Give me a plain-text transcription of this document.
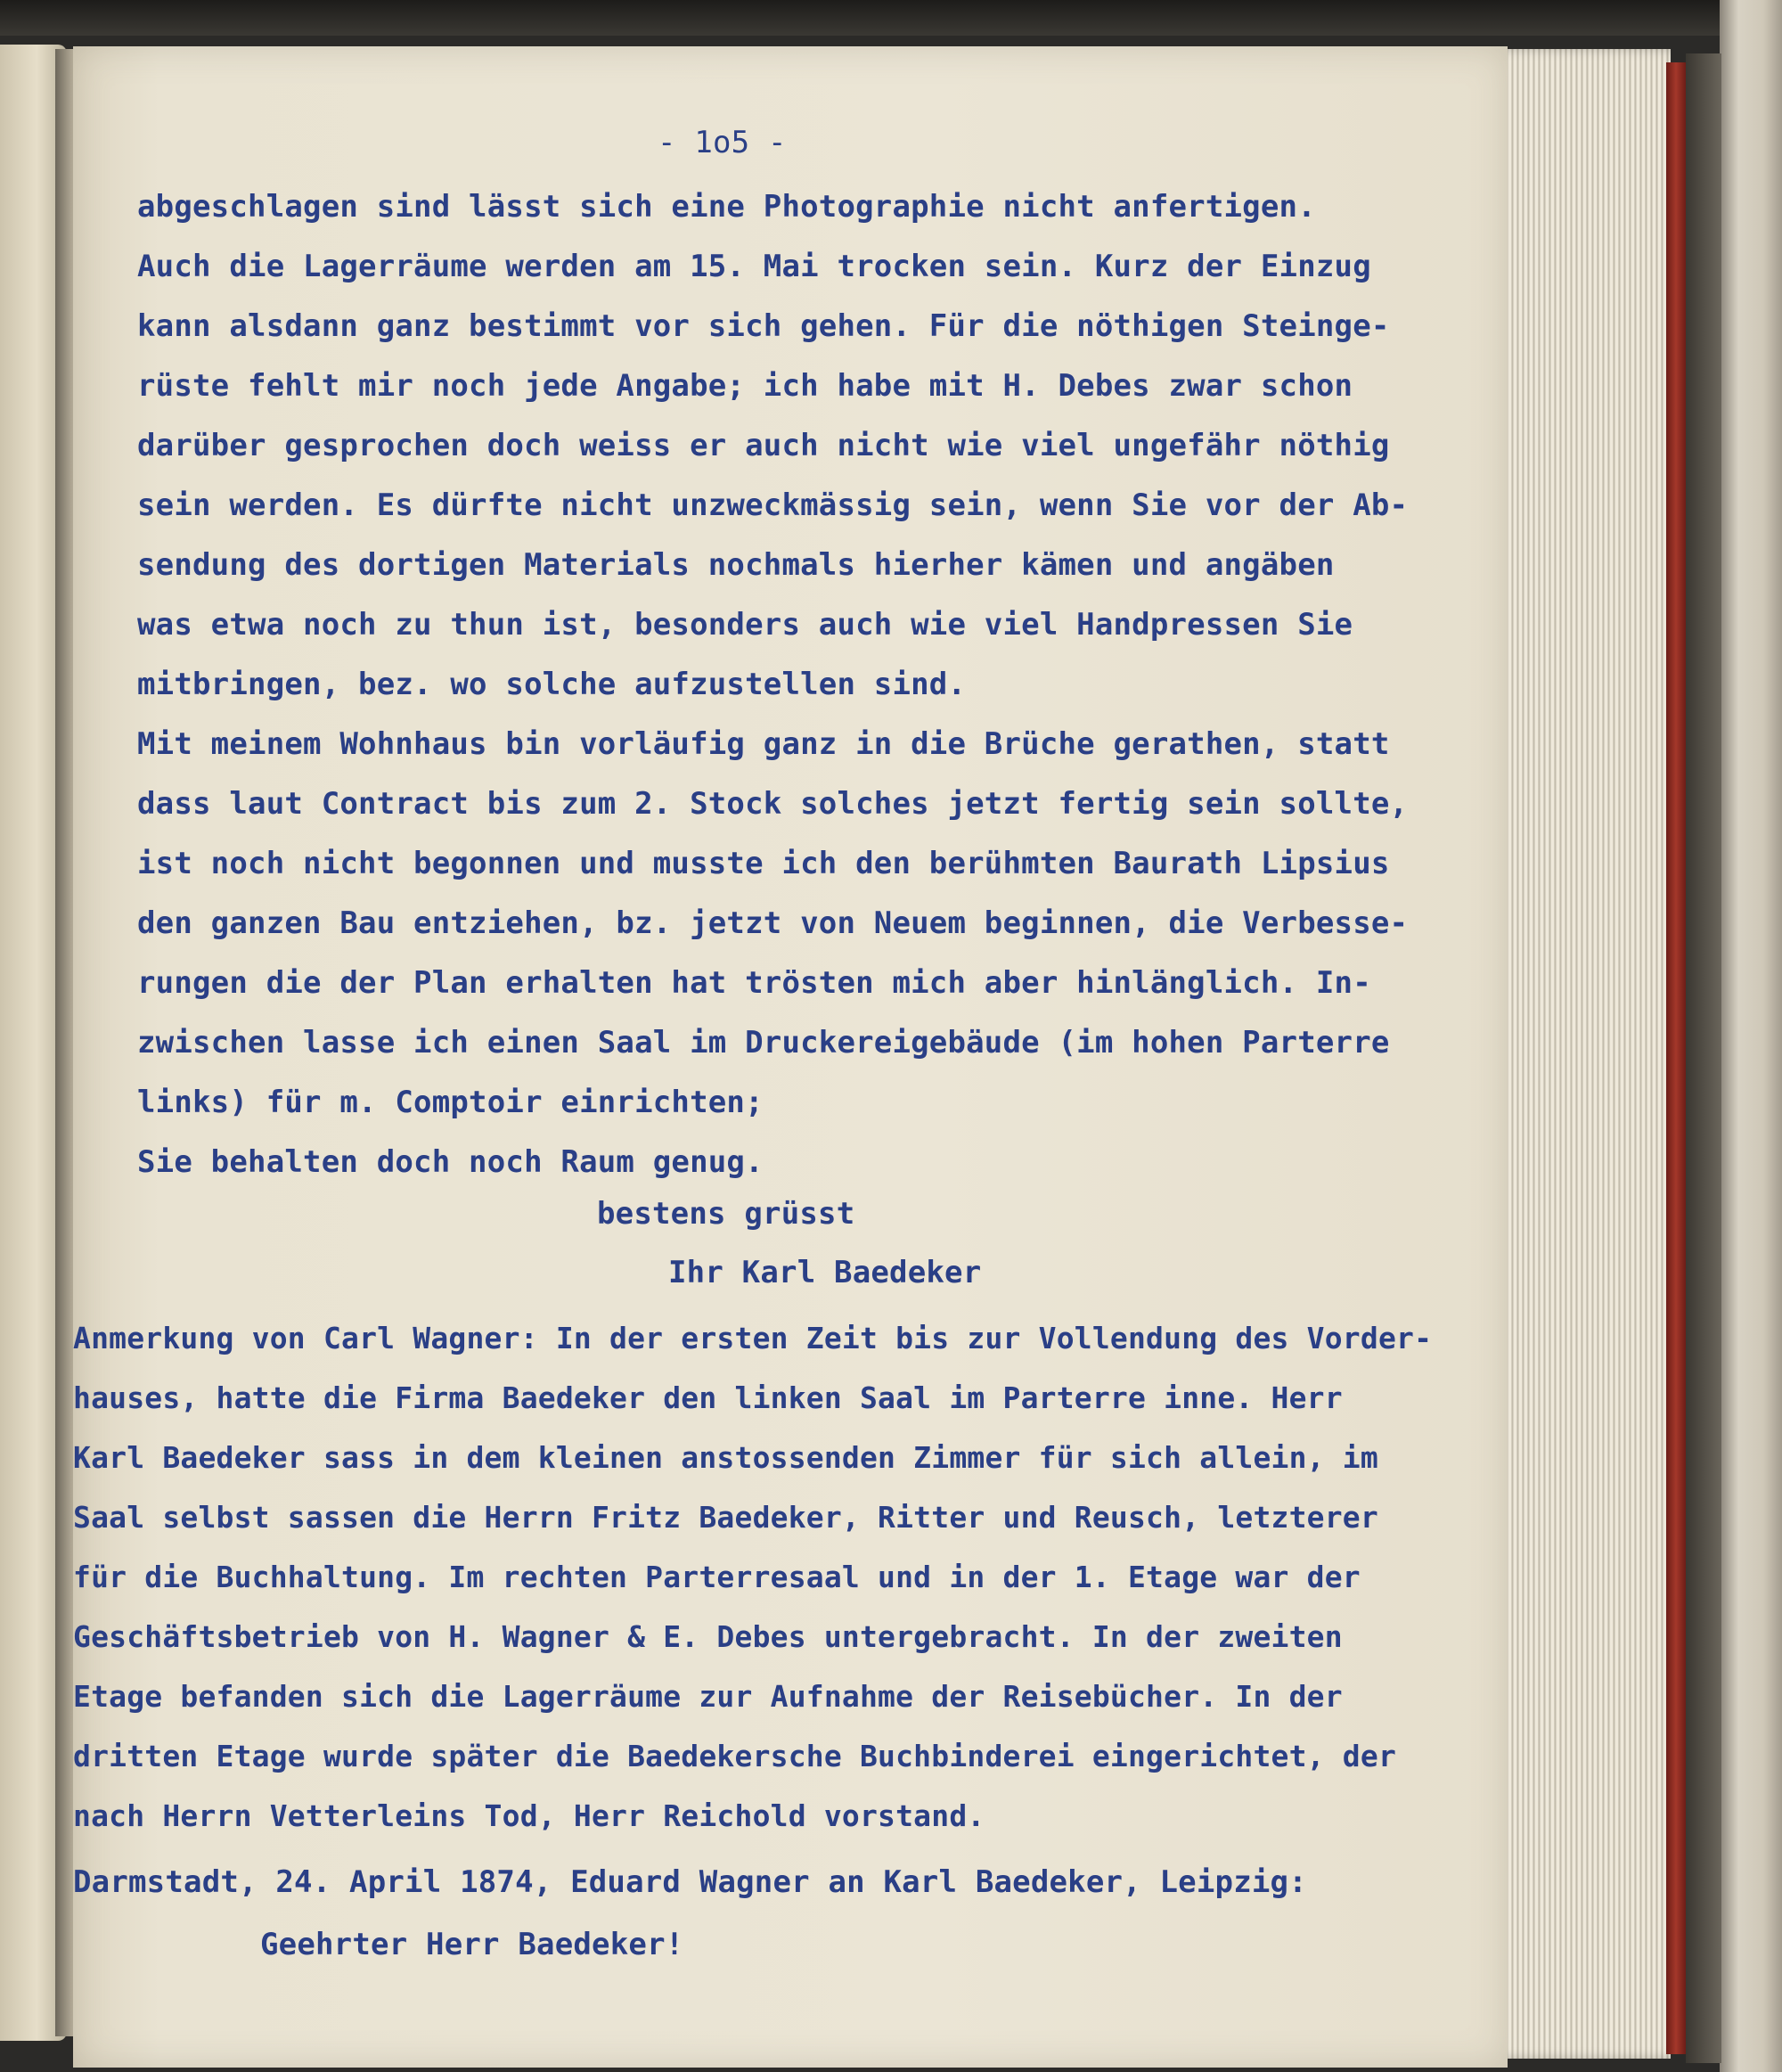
- 1o5 -
abgeschlagen sind lässt sich eine Photographie nicht anfertigen.
Auch die Lagerräume werden am 15. Mai trocken sein. Kurz der Einzug
kann alsdann ganz bestimmt vor sich gehen. Für die nöthigen Steinge-
rüste fehlt mir noch jede Angabe; ich habe mit H. Debes zwar schon
darüber gesprochen doch weiss er auch nicht wie viel ungefähr nöthig
sein werden. Es dürfte nicht unzweckmässig sein, wenn Sie vor der Ab-
sendung des dortigen Materials nochmals hierher kämen und angäben
was etwa noch zu thun ist, besonders auch wie viel Handpressen Sie
mitbringen, bez. wo solche aufzustellen sind.
Mit meinem Wohnhaus bin vorläufig ganz in die Brüche gerathen, statt
dass laut Contract bis zum 2. Stock solches jetzt fertig sein sollte,
ist noch nicht begonnen und musste ich den berühmten Baurath Lipsius
den ganzen Bau entziehen, bz. jetzt von Neuem beginnen, die Verbesse-
rungen die der Plan erhalten hat trösten mich aber hinlänglich. In-
zwischen lasse ich einen Saal im Druckereigebäude (im hohen Parterre
links) für m. Comptoir einrichten;
Sie behalten doch noch Raum genug.
bestens grüsst
Ihr Karl Baedeker
Anmerkung von Carl Wagner: In der ersten Zeit bis zur Vollendung des Vorder-
hauses, hatte die Firma Baedeker den linken Saal im Parterre inne. Herr
Karl Baedeker sass in dem kleinen anstossenden Zimmer für sich allein, im
Saal selbst sassen die Herrn Fritz Baedeker, Ritter und Reusch, letzterer
für die Buchhaltung. Im rechten Parterresaal und in der 1. Etage war der
Geschäftsbetrieb von H. Wagner & E. Debes untergebracht. In der zweiten
Etage befanden sich die Lagerräume zur Aufnahme der Reisebücher. In der
dritten Etage wurde später die Baedekersche Buchbinderei eingerichtet, der
nach Herrn Vetterleins Tod, Herr Reichold vorstand.
Darmstadt, 24. April 1874, Eduard Wagner an Karl Baedeker, Leipzig:
Geehrter Herr Baedeker!
